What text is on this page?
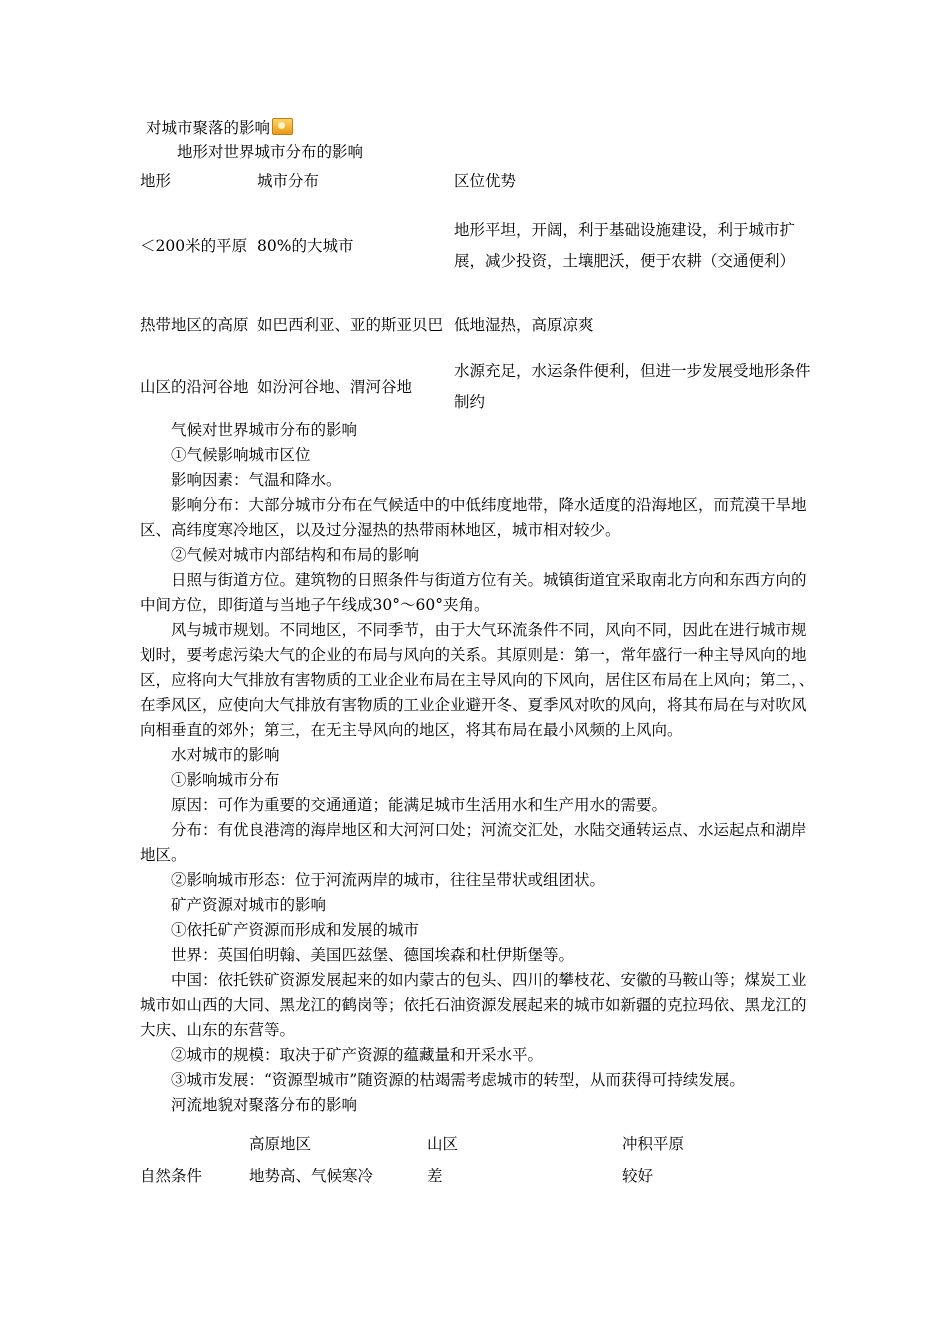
对城市聚落的影响

地形对世界城市分布的影响

地形	城市分布	区位优势
＜200米的平原	80%的大城市	地形平坦，开阔，利于基础设施建设，利于城市扩展，减少投资，土壤肥沃，便于农耕（交通便利）
热带地区的高原	如巴西利亚、亚的斯亚贝巴	低地湿热，高原凉爽
山区的沿河谷地	如汾河谷地、渭河谷地	水源充足，水运条件便利，但进一步发展受地形条件制约

气候对世界城市分布的影响

①气候影响城市区位

影响因素：气温和降水。

影响分布：大部分城市分布在气候适中的中低纬度地带，降水适度的沿海地区，而荒漠干旱地区、高纬度寒冷地区，以及过分湿热的热带雨林地区，城市相对较少。

②气候对城市内部结构和布局的影响

日照与街道方位。建筑物的日照条件与街道方位有关。城镇街道宜采取南北方向和东西方向的中间方位，即街道与当地子午线成30°～60°夹角。

风与城市规划。不同地区，不同季节，由于大气环流条件不同，风向不同，因此在进行城市规划时，要考虑污染大气的企业的布局与风向的关系。其原则是：第一，常年盛行一种主导风向的地区，应将向大气排放有害物质的工业企业布局在主导风向的下风向，居住区布局在上风向；第二，、在季风区，应使向大气排放有害物质的工业企业避开冬、夏季风对吹的风向，将其布局在与对吹风向相垂直的郊外；第三，在无主导风向的地区，将其布局在最小风频的上风向。

水对城市的影响

①影响城市分布

原因：可作为重要的交通通道；能满足城市生活用水和生产用水的需要。

分布：有优良港湾的海岸地区和大河河口处；河流交汇处，水陆交通转运点、水运起点和湖岸地区。

②影响城市形态：位于河流两岸的城市，往往呈带状或组团状。

矿产资源对城市的影响

①依托矿产资源而形成和发展的城市

世界：英国伯明翰、美国匹兹堡、德国埃森和杜伊斯堡等。

中国：依托铁矿资源发展起来的如内蒙古的包头、四川的攀枝花、安徽的马鞍山等；煤炭工业城市如山西的大同、黑龙江的鹤岗等；依托石油资源发展起来的城市如新疆的克拉玛依、黑龙江的大庆、山东的东营等。

②城市的规模：取决于矿产资源的蕴藏量和开采水平。

③城市发展：“资源型城市”随资源的枯竭需考虑城市的转型，从而获得可持续发展。

河流地貌对聚落分布的影响

	高原地区	山区	冲积平原
自然条件	地势高、气候寒冷	差	较好
